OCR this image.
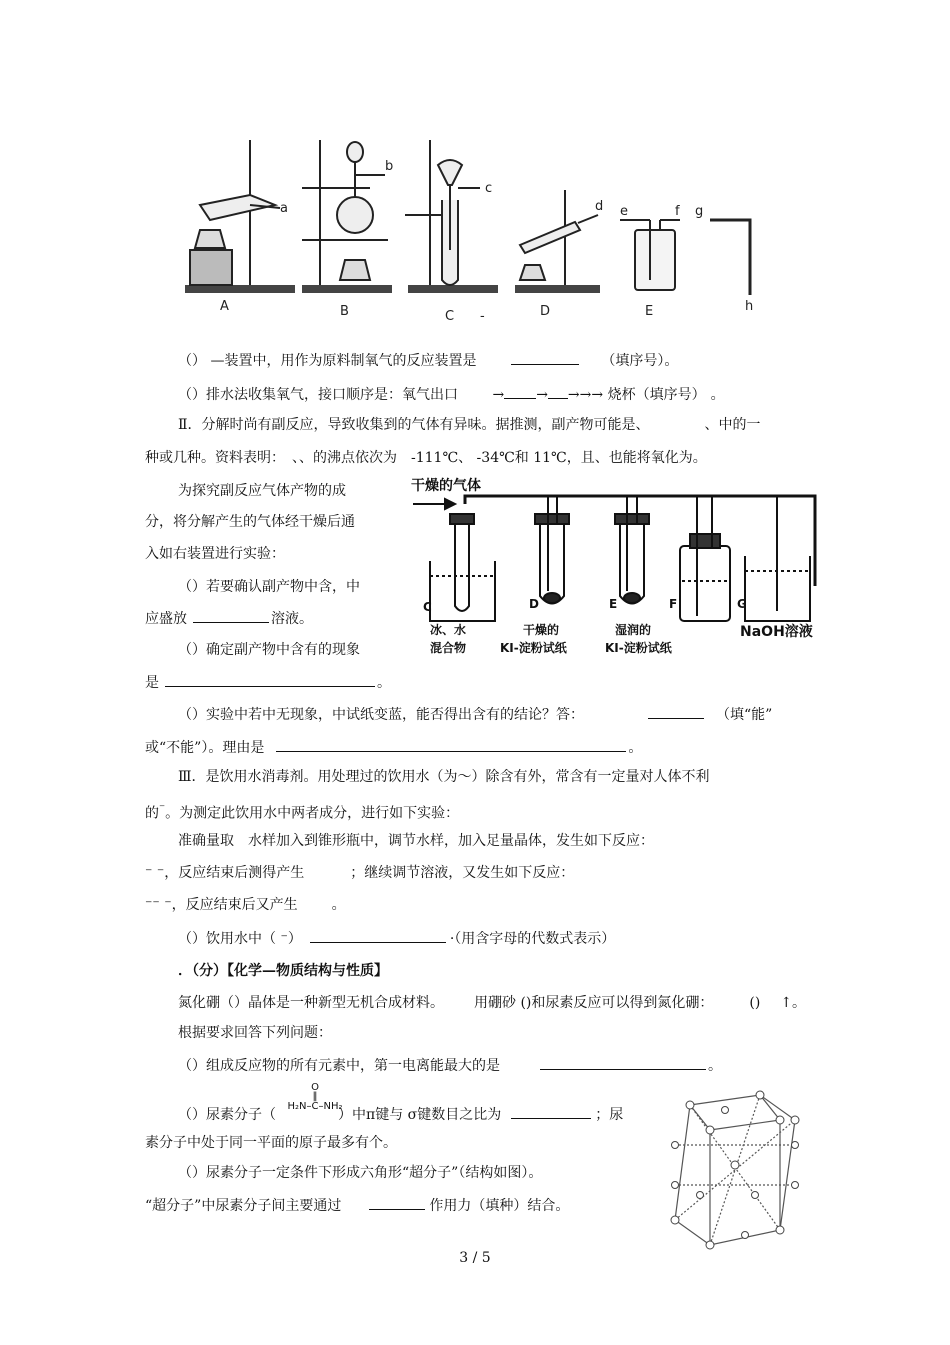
a
b
c
d e	f g
h
A	B	C -	D	E
（） —装置中，用作为原料制氧气的反应装置是	（填序号）。
（）排水法收集氧气，接口顺序是：氧气出口 → → →→→ 烧杯（填序号） 。
Ⅱ．分解时尚有副反应，导致收集到的气体有异味。据推测，副产物可能是、	、中的一
种或几种。资料表明：　、、的沸点依次为　-111℃、 -34℃和 11℃，且、也能将氧化为。
为探究副反应气体产物的成
分，将分解产生的气体经干燥后通
入如右装置进行实验：
（）若要确认副产物中含，中
应盛放	溶液。
（）确定副产物中含有的现象
是	。
干燥的气体
C	D	E	F	G
冰、水
混合物
干燥的
KI-淀粉试纸
湿润的
KI-淀粉试纸
NaOH溶液
（）实验中若中无现象，中试纸变蓝，能否得出含有的结论？答：	（填“能”
或“不能”）。理由是	。
Ⅲ．是饮用水消毒剂。用处理过的饮用水（为～）除含有外，常含有一定量对人体不利
的⁻。为测定此饮用水中两者成分，进行如下实验：
准确量取　水样加入到锥形瓶中，调节水样，加入足量晶体，发生如下反应：
⁻ ⁻，反应结束后测得产生	；继续调节溶液，又发生如下反应：
⁻⁻ ⁻，反应结束后又产生 。
（）饮用水中（ ⁻）	·（用含字母的代数式表示）
．（分）【化学—物质结构与性质】
氮化硼（）晶体是一种新型无机合成材料。 用硼砂 ()和尿素反应可以得到氮化硼：	() ↑。
根据要求回答下列问题：
（）组成反应物的所有元素中，第一电离能最大的是	。
O
‖
H₂N–C–NH₂
（）尿素分子（	）中π键与 σ键数目之比为	；尿
素分子中处于同一平面的原子最多有个。
（）尿素分子一定条件下形成六角形“超分子”（结构如图）。
“超分子”中尿素分子间主要通过	作用力（填种）结合。
3 / 5
